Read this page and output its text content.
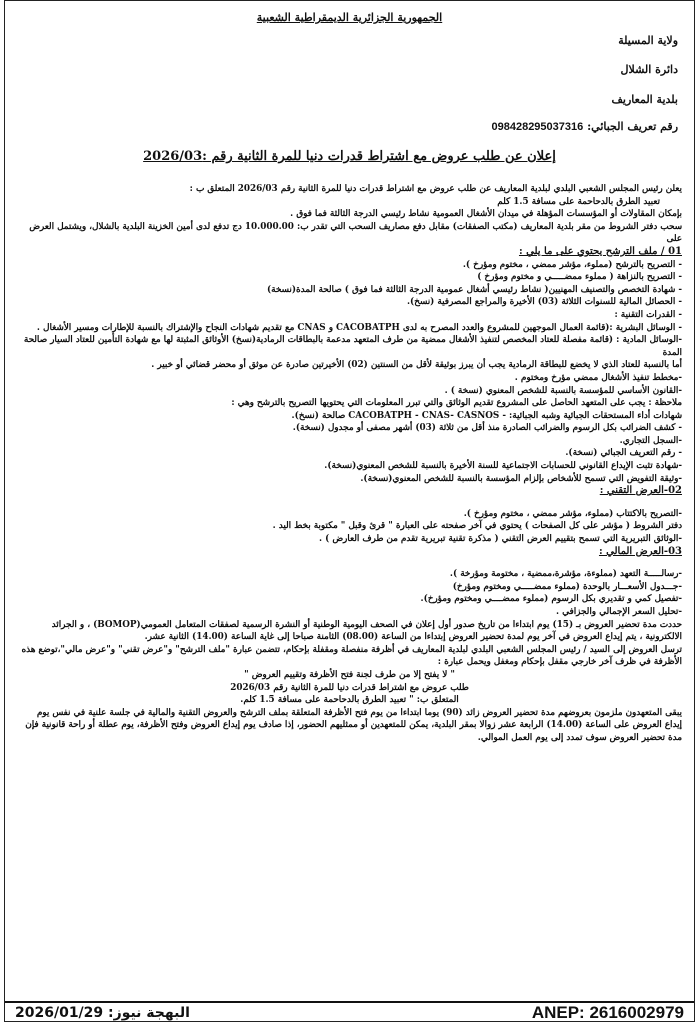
الجمهورية الجزائرية الديمقراطية الشعبية
ولاية المسيلة
دائرة الشلال
بلدية المعاريف
رقم تعريف الجبائي: 098428295037316
إعلان عن طلب عروض مع اشتراط قدرات دنيا للمرة الثانية رقم :2026/03

يعلن رئيس المجلس الشعبي البلدي لبلدية المعاريف عن طلب عروض مع اشتراط قدرات دنيا للمرة الثانية رقم 2026/03 المتعلق ب :

تعبيد الطرق بالدحاحمة على مسافة 1.5 كلم

بإمكان المقاولات أو المؤسسات المؤهلة في ميدان الأشغال العمومية نشاط رئيسي الدرجة الثالثة فما فوق .

سحب دفتر الشروط من مقر بلدية المعاريف (مكتب الصفقات) مقابل دفع مصاريف السحب التي تقدر ب: 10.000.00 دج تدفع لدى أمين الخزينة البلدية بالشلال، ويشتمل العرض على

01 / ملف الترشح يحتوي على ما يلي :

- التصريح بالترشح (مملوء، مؤشر ممضي ، مختوم ومؤرخ ).

- التصريح بالنزاهة ( مملوء ممضـــــي و مختوم ومؤرخ )

- شهادة التخصص والتصنيف المهنيين( نشاط رئيسي أشغال عمومية الدرجة الثالثة فما فوق ) صالحة المدة(نسخة)

- الحصائل المالية للسنوات الثلاثة (03) الأخيرة والمراجع المصرفية (نسخ).

- القدرات التقنية :

- الوسائل البشرية :(قائمة العمال الموجهين للمشروع والعدد المصرح به لدى CACOBATPH و CNAS مع تقديم شهادات النجاح والإشتراك بالنسبة للإطارات ومسير الأشغال .

-الوسائل المادية : (قائمة مفصلة للعتاد المخصص لتنفيذ الأشغال ممضية من طرف المتعهد مدعمة بالبطاقات الرمادية(نسخ) الأوثائق المثبتة لها مع شهادة التأمين للعتاد السيار صالحة المدة

أما بالنسبة للعتاد الذي لا يخضع للبطاقة الرمادية يجب أن يبرز بوثيقة لأقل من السنتين (02) الأخيرتين صادرة عن موثق أو محضر قضائي أو خبير .

-مخطط تنفيذ الأشغال ممضي مؤرخ ومختوم .

-القانون الأساسي للمؤسسة بالنسبة للشخص المعنوي (نسخة ) .

ملاحظة : يجب على المتعهد الحاصل على المشروع تقديم الوثائق والتي تبرر المعلومات التي يحتويها التصريح بالترشح وهي :

شهادات أداء المستحقات الجبائية وشبه الجبائية: - CACOBATPH - CNAS- CASNOS صالحة (نسخ).

- كشف الضرائب بكل الرسوم والضرائب الصادرة منذ أقل من ثلاثة (03) أشهر مصفى أو مجدول (نسخة).

-السجل التجاري.

- رقم التعريف الجبائي (نسخة).

-شهادة تثبت الإيداع القانوني للحسابات الاجتماعية للسنة الأخيرة بالنسبة للشخص المعنوي(نسخة).

-وثيقة التفويض التي تسمح للأشخاص بإلزام المؤسسة بالنسبة للشخص المعنوي(نسخة).

02-العرض التقني :

-التصريح بالاكتتاب (مملوء، مؤشر ممضي ، مختوم ومؤرخ ).

دفتر الشروط ( مؤشر على كل الصفحات ) يحتوي في آخر صفحته على العبارة " قرئ وقبل " مكتوبة بخط اليد .

-الوثائق التبريرية التي تسمح بتقييم العرض التقني ( مذكرة تقنية تبريرية تقدم من طرف العارض ) .

03-العرض المالي :

-رسالـــــة التعهد (مملوءة، مؤشرة،ممضية ، مختومة ومؤرخة ).

-جـــدول الأسعـــار بالوحدة (مملوء ممضـــــي ومختوم ومؤرخ)

-تفصيل كمي و تقديري بكل الرسوم (مملوء ممضــــي ومختوم ومؤرخ).

-تحليل السعر الإجمالي والجزافي .

حددت مدة تحضير العروض بـ (15) يوم ابتداءا من تاريخ صدور أول إعلان في الصحف اليومية الوطنية أو النشرة الرسمية لصفقات المتعامل العمومي(BOMOP) ، و الجرائد الالكترونية ، يتم إيداع العروض في آخر يوم لمدة تحضير العروض إبتداءا من الساعة (08.00) الثامنة صباحا إلى غاية الساعة (14.00) الثانية عشر.

ترسل العروض إلى السيد / رئيس المجلس الشعبي البلدي لبلدية المعاريف في أظرفة منفصلة ومقفلة بإحكام، تتضمن عبارة "ملف الترشح" و"عرض تقني" و"عرض مالي"،توضع هذه الأظرفة في ظرف آخر خارجي مقفل بإحكام ومغفل ويحمل عبارة :

" لا يفتح إلا من طرف لجنة فتح الأظرفة وتقييم العروض "

طلب عروض مع اشتراط قدرات دنيا للمرة الثانية رقم 2026/03

المتعلق ب: " تعبيد الطرق بالدحاحمة على مسافة 1.5 كلم.

يبقى المتعهدون ملزمون بعروضهم مدة تحضير العروض زائد (90) يوما ابتداءا من يوم فتح الأظرفة المتعلقة بملف الترشح والعروض التقنية والمالية في جلسة علنية في نفس يوم إيداع العروض على الساعة (14.00) الرابعة عشر زوالا بمقر البلدية، يمكن للمتعهدين أو ممثليهم الحضور، إذا صادف يوم إيداع العروض وفتح الأظرفة، يوم عطلة أو راحة قانونية فإن مدة تحضير العروض سوف تمدد إلى يوم العمل الموالي.

البهجة نيوز: 2026/01/29	ANEP: 2616002979
